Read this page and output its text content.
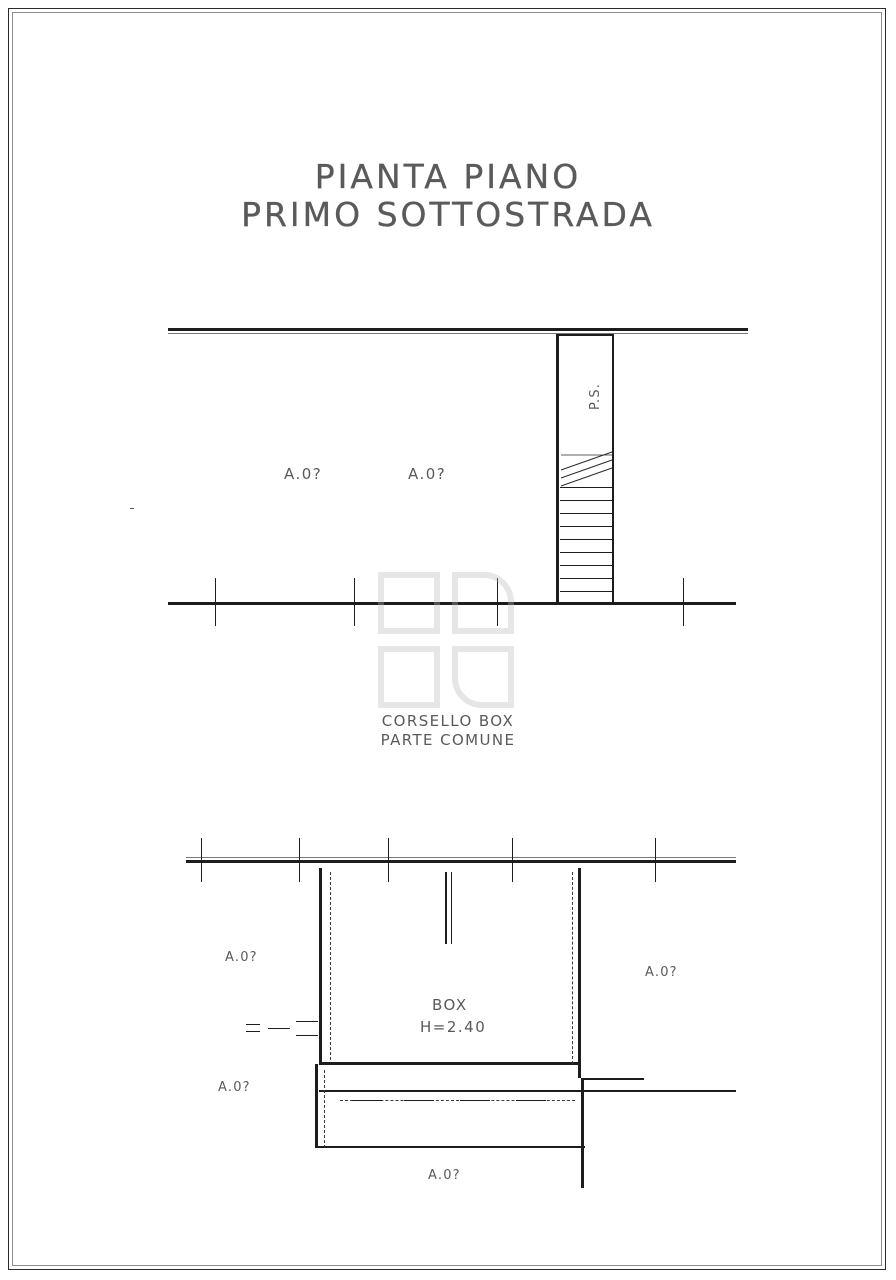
PIANTA PIANO
PRIMO SOTTOSTRADA
P.S.
A.0?	A.0?
CORSELLO BOX
PARTE COMUNE
BOX
H=2.40
A.0?
A.0?
A.0?
A.0?
